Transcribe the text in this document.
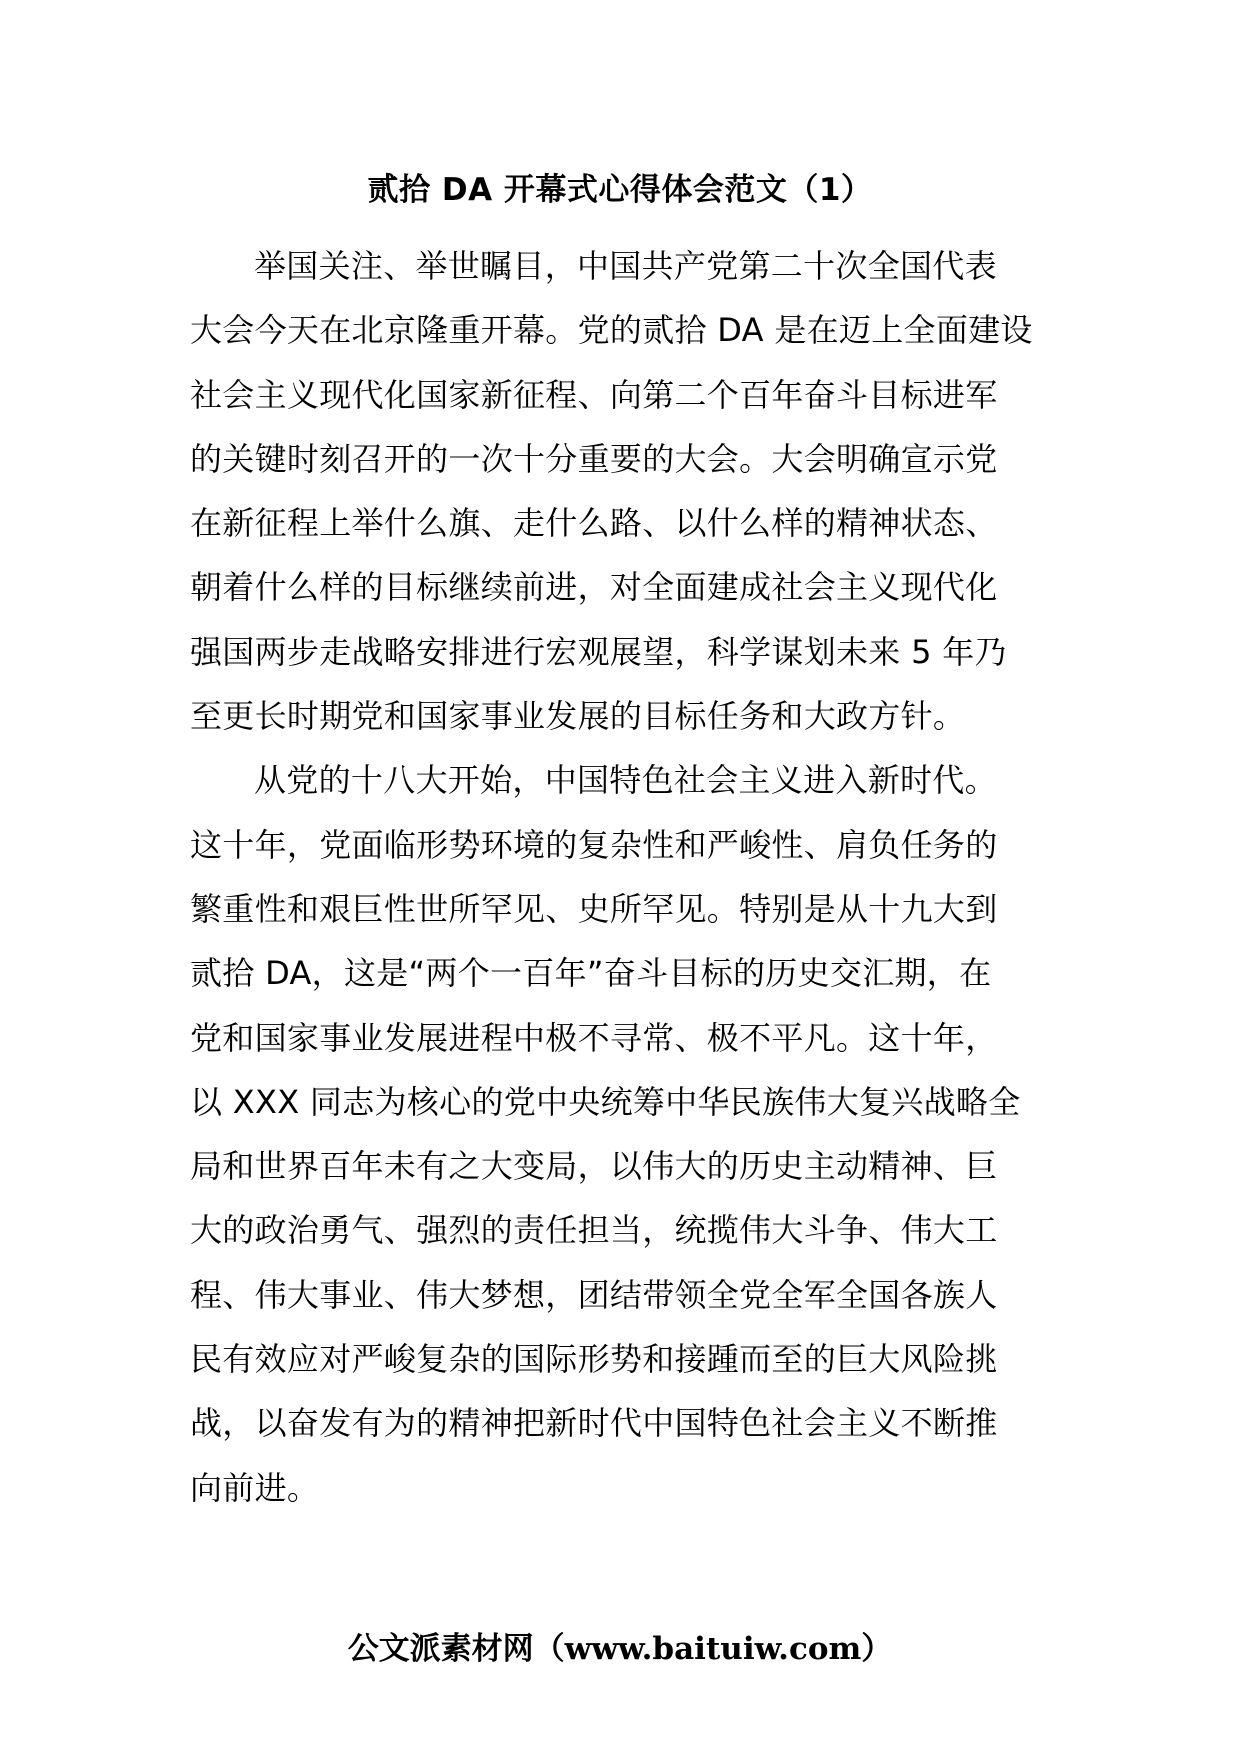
贰拾 DA 开幕式心得体会范文（1）
举国关注、举世瞩目，中国共产党第二十次全国代表
大会今天在北京隆重开幕。党的贰拾 DA 是在迈上全面建设
社会主义现代化国家新征程、向第二个百年奋斗目标进军
的关键时刻召开的一次十分重要的大会。大会明确宣示党
在新征程上举什么旗、走什么路、以什么样的精神状态、
朝着什么样的目标继续前进，对全面建成社会主义现代化
强国两步走战略安排进行宏观展望，科学谋划未来 5 年乃
至更长时期党和国家事业发展的目标任务和大政方针。
从党的十八大开始，中国特色社会主义进入新时代。
这十年，党面临形势环境的复杂性和严峻性、肩负任务的
繁重性和艰巨性世所罕见、史所罕见。特别是从十九大到
贰拾 DA，这是“两个一百年”奋斗目标的历史交汇期，在
党和国家事业发展进程中极不寻常、极不平凡。这十年，
以 XXX 同志为核心的党中央统筹中华民族伟大复兴战略全
局和世界百年未有之大变局，以伟大的历史主动精神、巨
大的政治勇气、强烈的责任担当，统揽伟大斗争、伟大工
程、伟大事业、伟大梦想，团结带领全党全军全国各族人
民有效应对严峻复杂的国际形势和接踵而至的巨大风险挑
战，以奋发有为的精神把新时代中国特色社会主义不断推
向前进。
公文派素材网（www.baituiw.com）
